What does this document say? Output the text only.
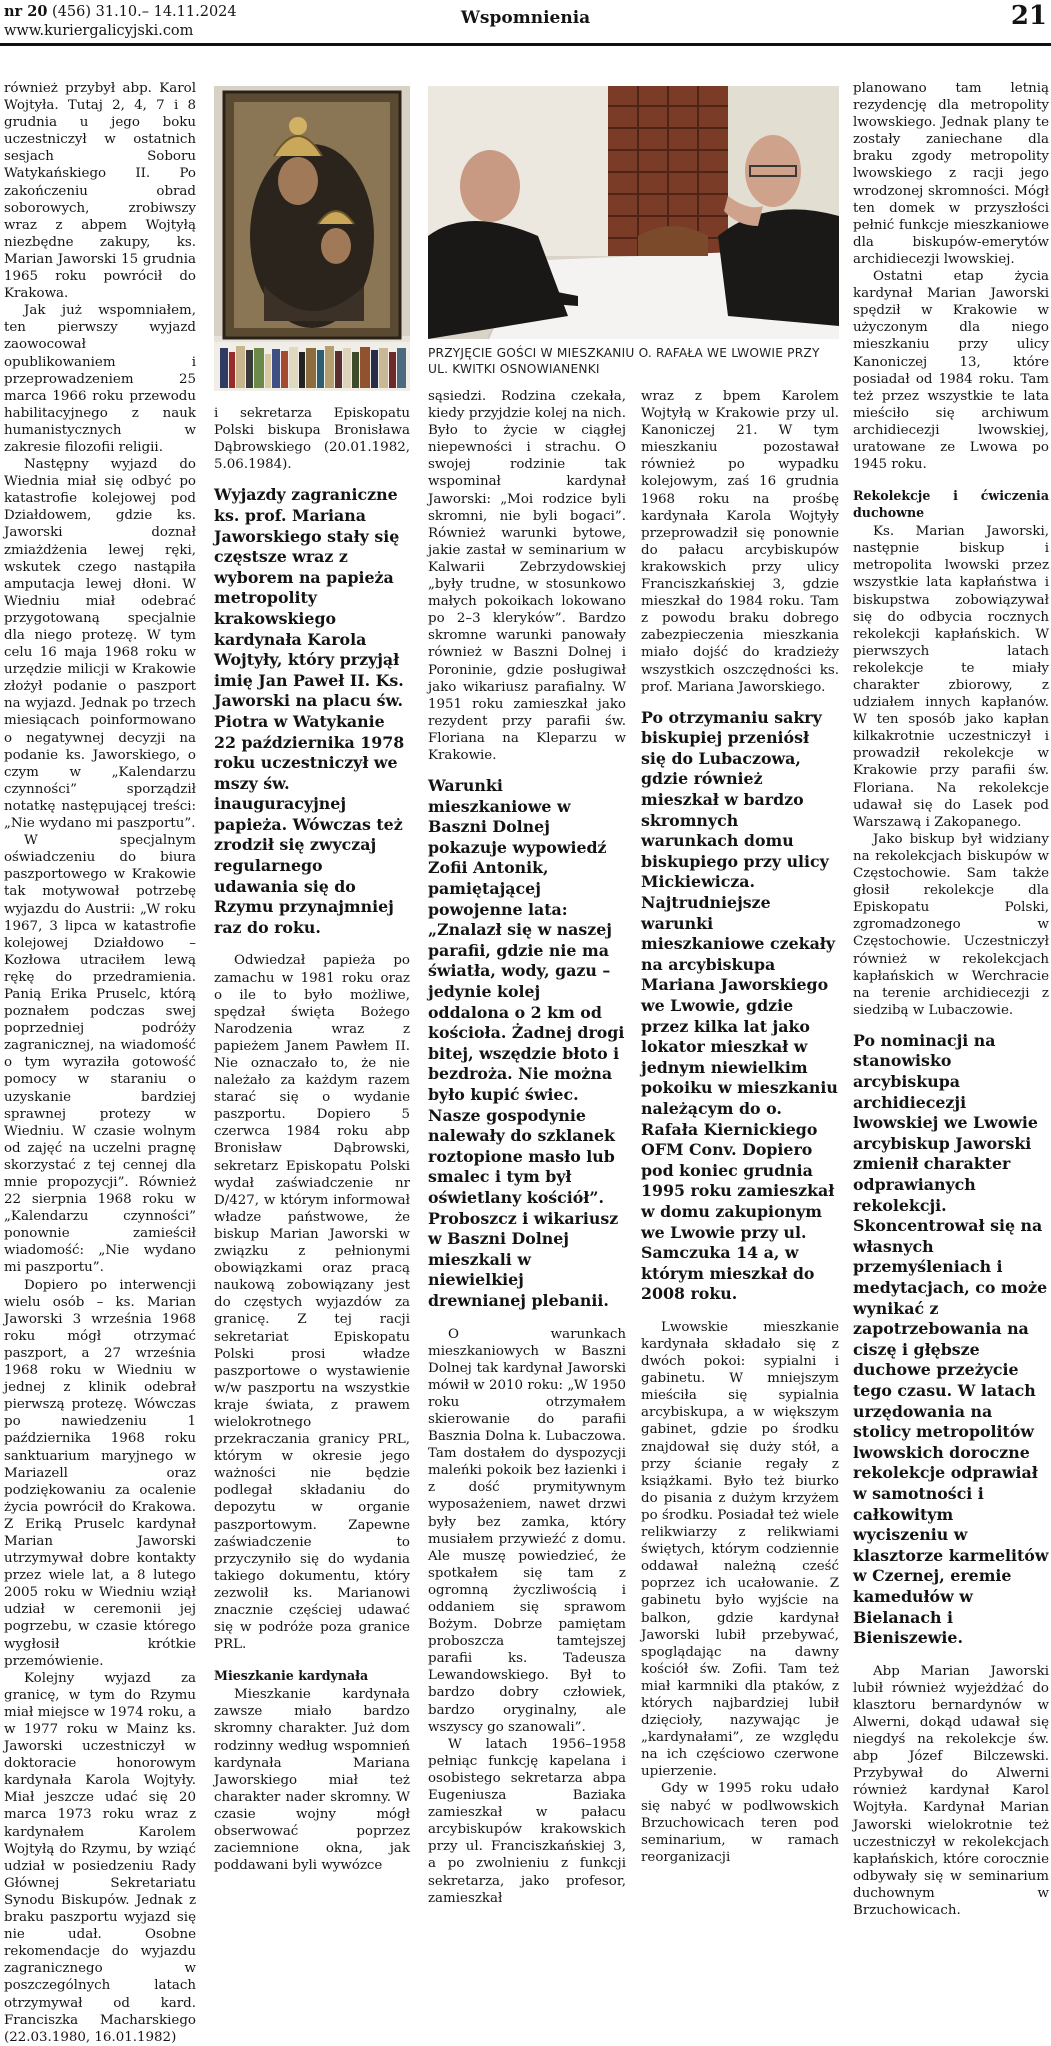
nr 20 (456) 31.10.– 14.11.2024
www.kuriergalicyjski.com
Wspomnienia	21
PRZYJĘCIE GOŚCI W MIESZKANIU O. RAFAŁA WE LWOWIE PRZY UL. KWITKI OSNOWIANENKI

również przybył abp. Karol Wojtyła. Tutaj 2, 4, 7 i 8 grudnia u jego boku uczestniczył w ostatnich sesjach Soboru Watykańskiego II. Po zakończeniu obrad soborowych, zrobiwszy wraz z abpem Wojtyłą niezbędne zakupy, ks. Marian Jaworski 15 grudnia 1965 roku powrócił do Krakowa.

Jak już wspomniałem, ten pierwszy wyjazd zaowocował opublikowaniem i przeprowadzeniem 25 marca 1966 roku przewodu habilitacyjnego z nauk humanistycznych w zakresie filozofii religii.

Następny wyjazd do Wiednia miał się odbyć po katastrofie kolejowej pod Działdowem, gdzie ks. Jaworski doznał zmiażdżenia lewej ręki, wskutek czego nastąpiła amputacja lewej dłoni. W Wiedniu miał odebrać przygotowaną specjalnie dla niego protezę. W tym celu 16 maja 1968 roku w urzędzie milicji w Krakowie złożył podanie o paszport na wyjazd. Jednak po trzech miesiącach poinformowano o negatywnej decyzji na podanie ks. Jaworskiego, o czym w „Kalendarzu czynności” sporządził notatkę następującej treści: „Nie wydano mi paszportu”.

W specjalnym oświadczeniu do biura paszportowego w Krakowie tak motywował potrzebę wyjazdu do Austrii: „W roku 1967, 3 lipca w katastrofie kolejowej Działdowo – Kozłowa utraciłem lewą rękę do przedramienia. Panią Erika Pruselc, którą poznałem podczas swej poprzedniej podróży zagranicznej, na wiadomość o tym wyraziła gotowość pomocy w staraniu o uzyskanie bardziej sprawnej protezy w Wiedniu. W czasie wolnym od zajęć na uczelni pragnę skorzystać z tej cennej dla mnie propozycji”. Również 22 sierpnia 1968 roku w „Kalendarzu czynności” ponownie zamieścił wiadomość: „Nie wydano mi paszportu”.

Dopiero po interwencji wielu osób – ks. Marian Jaworski 3 września 1968 roku mógł otrzymać paszport, a 27 września 1968 roku w Wiedniu w jednej z klinik odebrał pierwszą protezę. Wówczas po nawiedzeniu 1 października 1968 roku sanktuarium maryjnego w Mariazell oraz podziękowaniu za ocalenie życia powrócił do Krakowa. Z Eriką Pruselc kardynał Marian Jaworski utrzymywał dobre kontakty przez wiele lat, a 8 lutego 2005 roku w Wiedniu wziął udział w ceremonii jej pogrzebu, w czasie którego wygłosił krótkie przemówienie.

Kolejny wyjazd za granicę, w tym do Rzymu miał miejsce w 1974 roku, a w 1977 roku w Mainz ks. Jaworski uczestniczył w doktoracie honorowym kardynała Karola Wojtyły. Miał jeszcze udać się 20 marca 1973 roku wraz z kardynałem Karolem Wojtyłą do Rzymu, by wziąć udział w posiedzeniu Rady Głównej Sekretariatu Synodu Biskupów. Jednak z braku paszportu wyjazd się nie udał. Osobne rekomendacje do wyjazdu zagranicznego w poszczególnych latach otrzymywał od kard. Franciszka Macharskiego (22.03.1980, 16.01.1982)

i sekretarza Episkopatu Polski biskupa Bronisława Dąbrowskiego (20.01.1982, 5.06.1984).

Wyjazdy zagraniczne ks. prof. Mariana Jaworskiego stały się częstsze wraz z wyborem na papieża metropolity krakowskiego kardynała Karola Wojtyły, który przyjął imię Jan Paweł II. Ks. Jaworski na placu św. Piotra w Watykanie 22 października 1978 roku uczestniczył we mszy św. inauguracyjnej papieża. Wówczas też zrodził się zwyczaj regularnego udawania się do Rzymu przynajmniej raz do roku.

Odwiedzał papieża po zamachu w 1981 roku oraz o ile to było możliwe, spędzał święta Bożego Narodzenia wraz z papieżem Janem Pawłem II. Nie oznaczało to, że nie należało za każdym razem starać się o wydanie paszportu. Dopiero 5 czerwca 1984 roku abp Bronisław Dąbrowski, sekretarz Episkopatu Polski wydał zaświadczenie nr D/427, w którym informował władze państwowe, że biskup Marian Jaworski w związku z pełnionymi obowiązkami oraz pracą naukową zobowiązany jest do częstych wyjazdów za granicę. Z tej racji sekretariat Episkopatu Polski prosi władze paszportowe o wystawienie w/w paszportu na wszystkie kraje świata, z prawem wielokrotnego przekraczania granicy PRL, którym w okresie jego ważności nie będzie podlegał składaniu do depozytu w organie paszportowym. Zapewne zaświadczenie to przyczyniło się do wydania takiego dokumentu, który zezwolił ks. Marianowi znacznie częściej udawać się w podróże poza granice PRL.

Mieszkanie kardynała

Mieszkanie kardynała zawsze miało bardzo skromny charakter. Już dom rodzinny według wspomnień kardynała Mariana Jaworskiego miał też charakter nader skromny. W czasie wojny mógł obserwować poprzez zaciemnione okna, jak poddawani byli wywózce

sąsiedzi. Rodzina czekała, kiedy przyjdzie kolej na nich. Było to życie w ciągłej niepewności i strachu. O swojej rodzinie tak wspominał kardynał Jaworski: „Moi rodzice byli skromni, nie byli bogaci”. Również warunki bytowe, jakie zastał w seminarium w Kalwarii Zebrzydowskiej „były trudne, w stosunkowo małych pokoikach lokowano po 2–3 kleryków”. Bardzo skromne warunki panowały również w Baszni Dolnej i Poroninie, gdzie posługiwał jako wikariusz parafialny. W 1951 roku zamieszkał jako rezydent przy parafii św. Floriana na Kleparzu w Krakowie.

Warunki mieszkaniowe w Baszni Dolnej pokazuje wypowiedź Zofii Antonik, pamiętającej powojenne lata: „Znalazł się w naszej parafii, gdzie nie ma światła, wody, gazu – jedynie kolej oddalona o 2 km od kościoła. Żadnej drogi bitej, wszędzie błoto i bezdroża. Nie można było kupić świec. Nasze gospodynie nalewały do szklanek roztopione masło lub smalec i tym był oświetlany kościół”. Proboszcz i wikariusz w Baszni Dolnej mieszkali w niewielkiej drewnianej plebanii.

O warunkach mieszkaniowych w Baszni Dolnej tak kardynał Jaworski mówił w 2010 roku: „W 1950 roku otrzymałem skierowanie do parafii Basznia Dolna k. Lubaczowa. Tam dostałem do dyspozycji maleńki pokoik bez łazienki i z dość prymitywnym wyposażeniem, nawet drzwi były bez zamka, który musiałem przywieźć z domu. Ale muszę powiedzieć, że spotkałem się tam z ogromną życzliwością i oddaniem się sprawom Bożym. Dobrze pamiętam proboszcza tamtejszej parafii ks. Tadeusza Lewandowskiego. Był to bardzo dobry człowiek, bardzo oryginalny, ale wszyscy go szanowali”.

W latach 1956–1958 pełniąc funkcję kapelana i osobistego sekretarza abpa Eugeniusza Baziaka zamieszkał w pałacu arcybiskupów krakowskich przy ul. Franciszkańskiej 3, a po zwolnieniu z funkcji sekretarza, jako profesor, zamieszkał

wraz z bpem Karolem Wojtyłą w Krakowie przy ul. Kanoniczej 21. W tym mieszkaniu pozostawał również po wypadku kolejowym, zaś 16 grudnia 1968 roku na prośbę kardynała Karola Wojtyły przeprowadził się ponownie do pałacu arcybiskupów krakowskich przy ulicy Franciszkańskiej 3, gdzie mieszkał do 1984 roku. Tam z powodu braku dobrego zabezpieczenia mieszkania miało dojść do kradzieży wszystkich oszczędności ks. prof. Mariana Jaworskiego.

Po otrzymaniu sakry biskupiej przeniósł się do Lubaczowa, gdzie również mieszkał w bardzo skromnych warunkach domu biskupiego przy ulicy Mickiewicza. Najtrudniejsze warunki mieszkaniowe czekały na arcybiskupa Mariana Jaworskiego we Lwowie, gdzie przez kilka lat jako lokator mieszkał w jednym niewielkim pokoiku w mieszkaniu należącym do o. Rafała Kiernickiego OFM Conv. Dopiero pod koniec grudnia 1995 roku zamieszkał w domu zakupionym we Lwowie przy ul. Samczuka 14 a, w którym mieszkał do 2008 roku.

Lwowskie mieszkanie kardynała składało się z dwóch pokoi: sypialni i gabinetu. W mniejszym mieściła się sypialnia arcybiskupa, a w większym gabinet, gdzie po środku znajdował się duży stół, a przy ścianie regały z książkami. Było też biurko do pisania z dużym krzyżem po środku. Posiadał też wiele relikwiarzy z relikwiami świętych, którym codziennie oddawał należną cześć poprzez ich ucałowanie. Z gabinetu było wyjście na balkon, gdzie kardynał Jaworski lubił przebywać, spoglądając na dawny kościół św. Zofii. Tam też miał karmniki dla ptaków, z których najbardziej lubił dzięcioły, nazywając je „kardynałami”, ze względu na ich częściowo czerwone upierzenie.

Gdy w 1995 roku udało się nabyć w podlwowskich Brzuchowicach teren pod seminarium, w ramach reorganizacji

planowano tam letnią rezydencję dla metropolity lwowskiego. Jednak plany te zostały zaniechane dla braku zgody metropolity lwowskiego z racji jego wrodzonej skromności. Mógł ten domek w przyszłości pełnić funkcje mieszkaniowe dla biskupów-emerytów archidiecezji lwowskiej.

Ostatni etap życia kardynał Marian Jaworski spędził w Krakowie w użyczonym dla niego mieszkaniu przy ulicy Kanoniczej 13, które posiadał od 1984 roku. Tam też przez wszystkie te lata mieściło się archiwum archidiecezji lwowskiej, uratowane ze Lwowa po 1945 roku.

Rekolekcje i ćwiczenia duchowne

Ks. Marian Jaworski, następnie biskup i metropolita lwowski przez wszystkie lata kapłaństwa i biskupstwa zobowiązywał się do odbycia rocznych rekolekcji kapłańskich. W pierwszych latach rekolekcje te miały charakter zbiorowy, z udziałem innych kapłanów. W ten sposób jako kapłan kilkakrotnie uczestniczył i prowadził rekolekcje w Krakowie przy parafii św. Floriana. Na rekolekcje udawał się do Lasek pod Warszawą i Zakopanego.

Jako biskup był widziany na rekolekcjach biskupów w Częstochowie. Sam także głosił rekolekcje dla Episkopatu Polski, zgromadzonego w Częstochowie. Uczestniczył również w rekolekcjach kapłańskich w Werchracie na terenie archidiecezji z siedzibą w Lubaczowie.

Po nominacji na stanowisko arcybiskupa archidiecezji lwowskiej we Lwowie arcybiskup Jaworski zmienił charakter odprawianych rekolekcji. Skoncentrował się na własnych przemyśleniach i medytacjach, co może wynikać z zapotrzebowania na ciszę i głębsze duchowe przeżycie tego czasu. W latach urzędowania na stolicy metropolitów lwowskich doroczne rekolekcje odprawiał w samotności i całkowitym wyciszeniu w klasztorze karmelitów w Czernej, eremie kamedułów w Bielanach i Bieniszewie.

Abp Marian Jaworski lubił również wyjeżdżać do klasztoru bernardynów w Alwerni, dokąd udawał się niegdyś na rekolekcje św. abp Józef Bilczewski. Przybywał do Alwerni również kardynał Karol Wojtyła. Kardynał Marian Jaworski wielokrotnie też uczestniczył w rekolekcjach kapłańskich, które corocznie odbywały się w seminarium duchownym w Brzuchowicach.
